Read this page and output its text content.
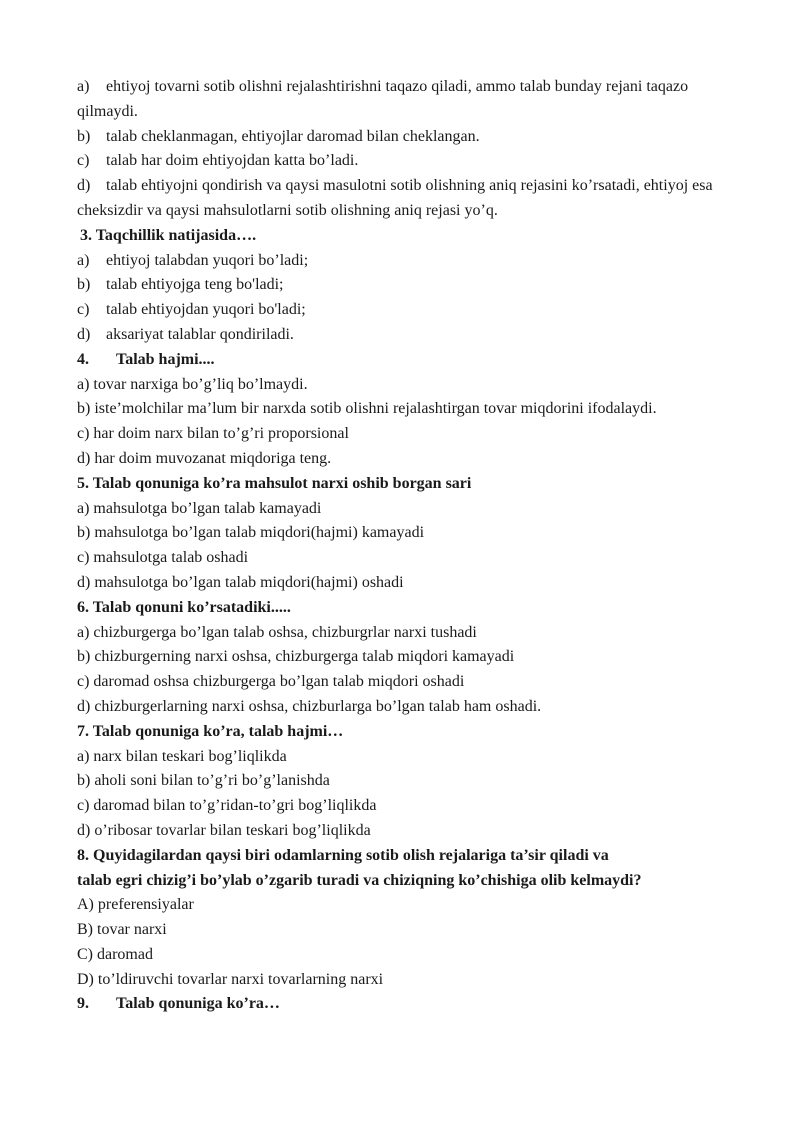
a) ehtiyoj tovarni sotib olishni rejalashtirishni taqazo qiladi, ammo talab bunday rejani taqazo qilmaydi.
b) talab cheklanmagan, ehtiyojlar daromad bilan cheklangan.
c) talab har doim ehtiyojdan katta bo’ladi.
d) talab ehtiyojni qondirish va qaysi masulotni sotib olishning aniq rejasini ko’rsatadi, ehtiyoj esa cheksizdir va qaysi mahsulotlarni sotib olishning aniq rejasi yo’q.
3. Taqchillik natijasida….
a) ehtiyoj talabdan yuqori bo’ladi;
b) talab ehtiyojga teng bo'ladi;
c) talab ehtiyojdan yuqori bo'ladi;
d) aksariyat talablar qondiriladi.
4. Talab hajmi....
a) tovar narxiga bo’g’liq bo’lmaydi.
b) iste’molchilar ma’lum bir narxda sotib olishni rejalashtirgan tovar miqdorini ifodalaydi.
c) har doim narx bilan to’g’ri proporsional
d) har doim muvozanat miqdoriga teng.
5. Talab qonuniga ko’ra mahsulot narxi oshib borgan sari
a) mahsulotga bo’lgan talab kamayadi
b) mahsulotga bo’lgan talab miqdori(hajmi) kamayadi
c) mahsulotga talab oshadi
d) mahsulotga bo’lgan talab miqdori(hajmi) oshadi
6. Talab qonuni ko’rsatadiki.....
a) chizburgerga bo’lgan talab oshsa, chizburgrlar narxi tushadi
b) chizburgerning narxi oshsa, chizburgerga talab miqdori kamayadi
c) daromad oshsa chizburgerga bo’lgan talab miqdori oshadi
d) chizburgerlarning narxi oshsa, chizburlarga bo’lgan talab ham oshadi.
7. Talab qonuniga ko’ra, talab hajmi…
a) narx bilan teskari bog’liqlikda
b) aholi soni bilan to’g’ri bo’g’lanishda
c) daromad bilan to’g’ridan-to’gri bog’liqlikda
d) o’ribosar tovarlar bilan teskari bog’liqlikda
8. Quyidagilardan qaysi biri odamlarning sotib olish rejalariga ta’sir qiladi va
talab egri chizig’i bo’ylab o’zgarib turadi va chiziqning ko’chishiga olib kelmaydi?
A) preferensiyalar
B) tovar narxi
C) daromad
D) to’ldiruvchi tovarlar narxi tovarlarning narxi
9. Talab qonuniga ko’ra…
